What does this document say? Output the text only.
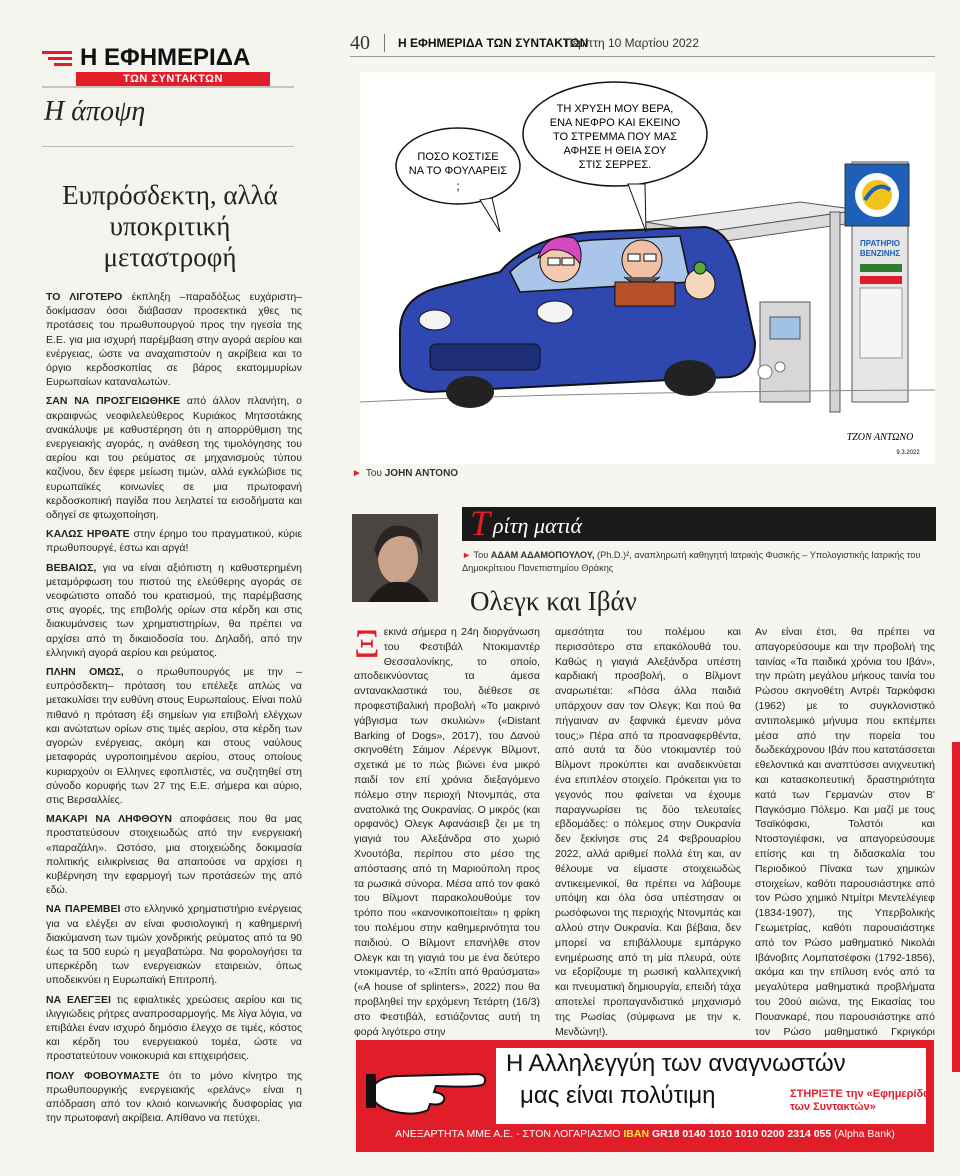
Η ΕΦΗΜΕΡΙΔΑ
ΤΩΝ ΣΥΝΤΑΚΤΩΝ
Η άποψη
Ευπρόσδεκτη, αλλά υποκριτική μεταστροφή

ΤΟ ΛΙΓΟΤΕΡΟ έκπληξη –παραδόξως ευχάριστη– δοκίμασαν όσοι διάβασαν προσεκτικά χθες τις προτάσεις του πρωθυπουργού προς την ηγεσία της Ε.Ε. για μια ισχυρή παρέμβαση στην αγορά αερίου και ενέργειας, ώστε να αναχαιτιστούν η ακρίβεια και το όργιο κερδοσκοπίας σε βάρος εκατομμυρίων Ευρωπαίων καταναλωτών.

ΣΑΝ ΝΑ ΠΡΟΣΓΕΙΩΘΗΚΕ από άλλον πλανήτη, ο ακραιφνώς νεοφιλελεύθερος Κυριάκος Μητσοτάκης ανακάλυψε με καθυστέρηση ότι η απορρύθμιση της ενεργειακής αγοράς, η ανάθεση της τιμολόγησης του αερίου και του ρεύματος σε μηχανισμούς τύπου καζίνου, δεν έφερε μείωση τιμών, αλλά εγκλώβισε τις ευρωπαϊκές κοινωνίες σε μια πρωτοφανή κερδοσκοπική παγίδα που λεηλατεί τα εισοδήματα και οδηγεί σε φτωχοποίηση.

ΚΑΛΩΣ ΗΡΘΑΤΕ στην έρημο του πραγματικού, κύριε πρωθυπουργέ, έστω και αργά!

ΒΕΒΑΙΩΣ, για να είναι αξιόπιστη η καθυστερημένη μεταμόρφωση του πιστού της ελεύθερης αγοράς σε νεοφώτιστο οπαδό του κρατισμού, της παρέμβασης στις αγορές, της επιβολής ορίων στα κέρδη και στις διακυμάνσεις των χρηματιστηρίων, θα πρέπει να αρχίσει από τη δικαιοδοσία του. Δηλαδή, από την ελληνική αγορά αερίου και ρεύματος.

ΠΛΗΝ ΟΜΩΣ, ο πρωθυπουργός με την –ευπρόσδεκτη– πρόταση του επέλεξε απλώς να μετακυλίσει την ευθύνη στους Ευρωπαίους. Είναι πολύ πιθανό η πρόταση έξι σημείων για επιβολή ελέγχων και ανώτατων ορίων στις τιμές αερίου, στα κέρδη των αγορών ενέργειας, ακόμη και στους ναύλους μεταφοράς υγροποιημένου αερίου, στους οποίους κυριαρχούν οι Ελληνες εφοπλιστές, να συζητηθεί στη σύνοδο κορυφής των 27 της Ε.Ε. σήμερα και αύριο, στις Βερσαλλίες.

ΜΑΚΑΡΙ ΝΑ ΛΗΦΘΟΥΝ αποφάσεις που θα μας προστατεύσουν στοιχειωδώς από την ενεργειακή «παραζάλη». Ωστόσο, μια στοιχειώδης δοκιμασία πολιτικής ειλικρίνειας θα απαιτούσε να αρχίσει η κυβέρνηση την εφαρμογή των προτάσεών της από εδώ.

ΝΑ ΠΑΡΕΜΒΕΙ στο ελληνικό χρηματιστήριο ενέργειας για να ελέγξει αν είναι φυσιολογική η καθημερινή διακύμανση των τιμών χονδρικής ρεύματος από τα 90 έως τα 500 ευρώ η μεγαβατώρα. Να φορολογήσει τα υπερκέρδη των ενεργειακών εταιρειών, όπως υποδεικνύει η Ευρωπαϊκή Επιτροπή.

ΝΑ ΕΛΕΓΞΕΙ τις εφιαλτικές χρεώσεις αερίου και τις ιλιγγιώδεις ρήτρες αναπροσαρμογής. Με λίγα λόγια, να επιβάλει έναν ισχυρό δημόσιο έλεγχο σε τιμές, κόστος και κέρδη του ενεργειακού τομέα, ώστε να προστατεύτουν νοικοκυριά και επιχειρήσεις.

ΠΟΛΥ ΦΟΒΟΥΜΑΣΤΕ ότι το μόνο κίνητρο της πρωθυπουργικής ενεργειακής «ρελάνς» είναι η απόδραση από τον κλοιό κοινωνικής δυσφορίας για την πρωτοφανή ακρίβεια. Απίθανο να πετύχει.

40 Η ΕΦΗΜΕΡΙΔΑ ΤΩΝ ΣΥΝΤΑΚΤΩΝ
Πέμπτη 10 Μαρτίου 2022
ΠΡΑΤΗΡΙΟ
ΒΕΝΖΙΝΗΣ
ΠΟΣΟ ΚΟΣΤΙΣΕ
ΝΑ ΤΟ ΦΟΥΛΑΡΕΙΣ
;
ΤΗ ΧΡΥΣΗ ΜΟΥ ΒΕΡΑ,
ΕΝΑ ΝΕΦΡΟ ΚΑΙ ΕΚΕΙΝΟ
ΤΟ ΣΤΡΕΜΜΑ ΠΟΥ ΜΑΣ
ΑΦΗΣΕ Η ΘΕΙΑ ΣΟΥ
ΣΤΙΣ ΣΕΡΡΕΣ.
ΤΖΟΝ ΑΝΤΩΝΟ
9.3.2022
► Του JOHN ANTONO
Τ ρίτη ματιά
► Του ΑΔΑΜ ΑΔΑΜΟΠΟΥΛΟΥ, (Ph.D.)², αναπληρωτή καθηγητή Ιατρικής Φυσικής – Υπολογιστικής Ιατρικής του Δημοκρίτειου Πανεπιστημίου Θράκης
Ολεγκ και Ιβάν
Ξεκινά σήμερα η 24η διοργάνωση του Φεστιβάλ Ντοκιμαντέρ Θεσσαλονίκης, το οποίο, αποδεικνύοντας τα άμεσα αντανακλαστικά του, διέθεσε σε προφεστιβαλική προβολή «Το μακρινό γάβγισμα των σκυλιών» («Distant Barking of Dogs», 2017), του Δανού σκηνοθέτη Σάιμον Λέρενγκ Βίλμοντ, σχετικά με το πώς βιώνει ένα μικρό παιδί τον επί χρόνια διεξαγόμενο πόλεμο στην περιοχή Ντονμπάς, στα ανατολικά της Ουκρανίας. Ο μικρός (και ορφανός) Ολεγκ Αφανάσιεβ ζει με τη γιαγιά του Αλεξάνδρα στο χωριό Χνουτόβα, περίπου στο μέσο της απόστασης από τη Μαριούπολη προς τα ρωσικά σύνορα. Μέσα από τον φακό του Βίλμοντ παρακολουθούμε τον τρόπο που «κανονικοποιείται» η φρίκη του πολέμου στην καθημερινότητα του παιδιού. Ο Βίλμοντ επανήλθε στον Ολεγκ και τη γιαγιά του με ένα δεύτερο ντοκιμαντέρ, το «Σπίτι από θραύσματα» («A house of splinters», 2022) που θα προβληθεί την ερχόμενη Τετάρτη (16/3) στο Φεστιβάλ, εστιάζοντας αυτή τη φορά λιγότερο στην
αμεσότητα του πολέμου και περισσότερο στα επακόλουθά του. Καθώς η γιαγιά Αλεξάνδρα υπέστη καρδιακή προσβολή, ο Βίλμοντ αναρωτιέται: «Πόσα άλλα παιδιά υπάρχουν σαν τον Ολεγκ; Και πού θα πήγαιναν αν ξαφνικά έμεναν μόνα τους;» Πέρα από τα προαναφερθέντα, από αυτά τα δύο ντοκιμαντέρ τού Βίλμοντ προκύπτει και αναδεικνύεται ένα επιπλέον στοιχείο. Πρόκειται για το γεγονός που φαίνεται να έχουμε παραγνωρίσει τις δύο τελευταίες εβδομάδες: ο πόλεμος στην Ουκρανία δεν ξεκίνησε στις 24 Φεβρουαρίου 2022, αλλά αριθμεί πολλά έτη και, αν θέλουμε να είμαστε στοιχειωδώς αντικειμενικοί, θα πρέπει να λάβουμε υπόψη και όλα όσα υπέστησαν οι ρωσόφωνοι της περιοχής Ντονμπάς και αλλού στην Ουκρανία. Και βέβαια, δεν μπορεί να επιβάλλουμε εμπάργκο ενημέρωσης από τη μία πλευρά, ούτε να εξορίζουμε τη ρωσική καλλιτεχνική και πνευματική δημιουργία, επειδή τάχα αποτελεί προπαγανδιστικό μηχανισμό της Ρωσίας (σύμφωνα με την κ. Μενδώνη!).
Αν είναι έτσι, θα πρέπει να απαγορεύσουμε και την προβολή της ταινίας «Τα παιδικά χρόνια του Ιβάν», την πρώτη μεγάλου μήκους ταινία του Ρώσου σκηνοθέτη Αντρέι Ταρκόφσκι (1962) με το συγκλονιστικό αντιπολεμικό μήνυμα που εκπέμπει μέσα από την πορεία του δωδεκάχρονου Ιβάν που κατατάσσεται εθελοντικά και αναπτύσσει ανιχνευτική και κατασκοπευτική δραστηριότητα κατά των Γερμανών στον Β' Παγκόσμιο Πόλεμο. Και μαζί με τους Τσαϊκόφσκι, Τολστόι και Ντοστογιέφσκι, να απαγορεύσουμε επίσης και τη διδασκαλία του Περιοδικού Πίνακα των χημικών στοιχείων, καθότι παρουσιάστηκε από τον Ρώσο χημικό Ντμίτρι Μεντελέγιεφ (1834-1907), της Υπερβολικής Γεωμετρίας, καθότι παρουσιάστηκε από τον Ρώσο μαθηματικό Νικολάι Ιβάνοβιτς Λομπατσέφσκι (1792-1856), ακόμα και την επίλυση ενός από τα μεγαλύτερα μαθηματικά προβλήματα του 20ού αιώνα, της Εικασίας του Πουανκαρέ, που παρουσιάστηκε από τον Ρώσο μαθηματικό Γκριγκόρι
Η Αλληλεγγύη των αναγνωστών
μας είναι πολύτιμη	ΣΤΗΡΙΞΤΕ την «Εφημερίδα
των Συντακτών»
ΑΝΕΞΑΡΤΗΤΑ ΜΜΕ Α.Ε. - ΣΤΟΝ ΛΟΓΑΡΙΑΣΜΟ IBAN GR18 0140 1010 1010 0200 2314 055 (Alpha Bank)
